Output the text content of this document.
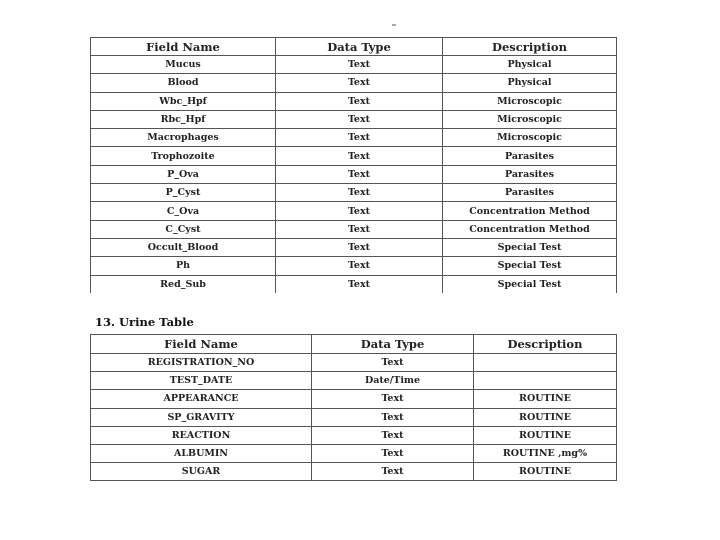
Field Name	Data Type	Description
Mucus	Text	Physical
Blood	Text	Physical
Wbc_Hpf	Text	Microscopic
Rbc_Hpf	Text	Microscopic
Macrophages	Text	Microscopic
Trophozoite	Text	Parasites
P_Ova	Text	Parasites
P_Cyst	Text	Parasites
C_Ova	Text	Concentration Method
C_Cyst	Text	Concentration Method
Occult_Blood	Text	Special Test
Ph	Text	Special Test
Red_Sub	Text	Special Test
13. Urine Table
Field Name	Data Type	Description
REGISTRATION_NO	Text	
TEST_DATE	Date/Time	
APPEARANCE	Text	ROUTINE
SP_GRAVITY	Text	ROUTINE
REACTION	Text	ROUTINE
ALBUMIN	Text	ROUTINE ,mg%
SUGAR	Text	ROUTINE
